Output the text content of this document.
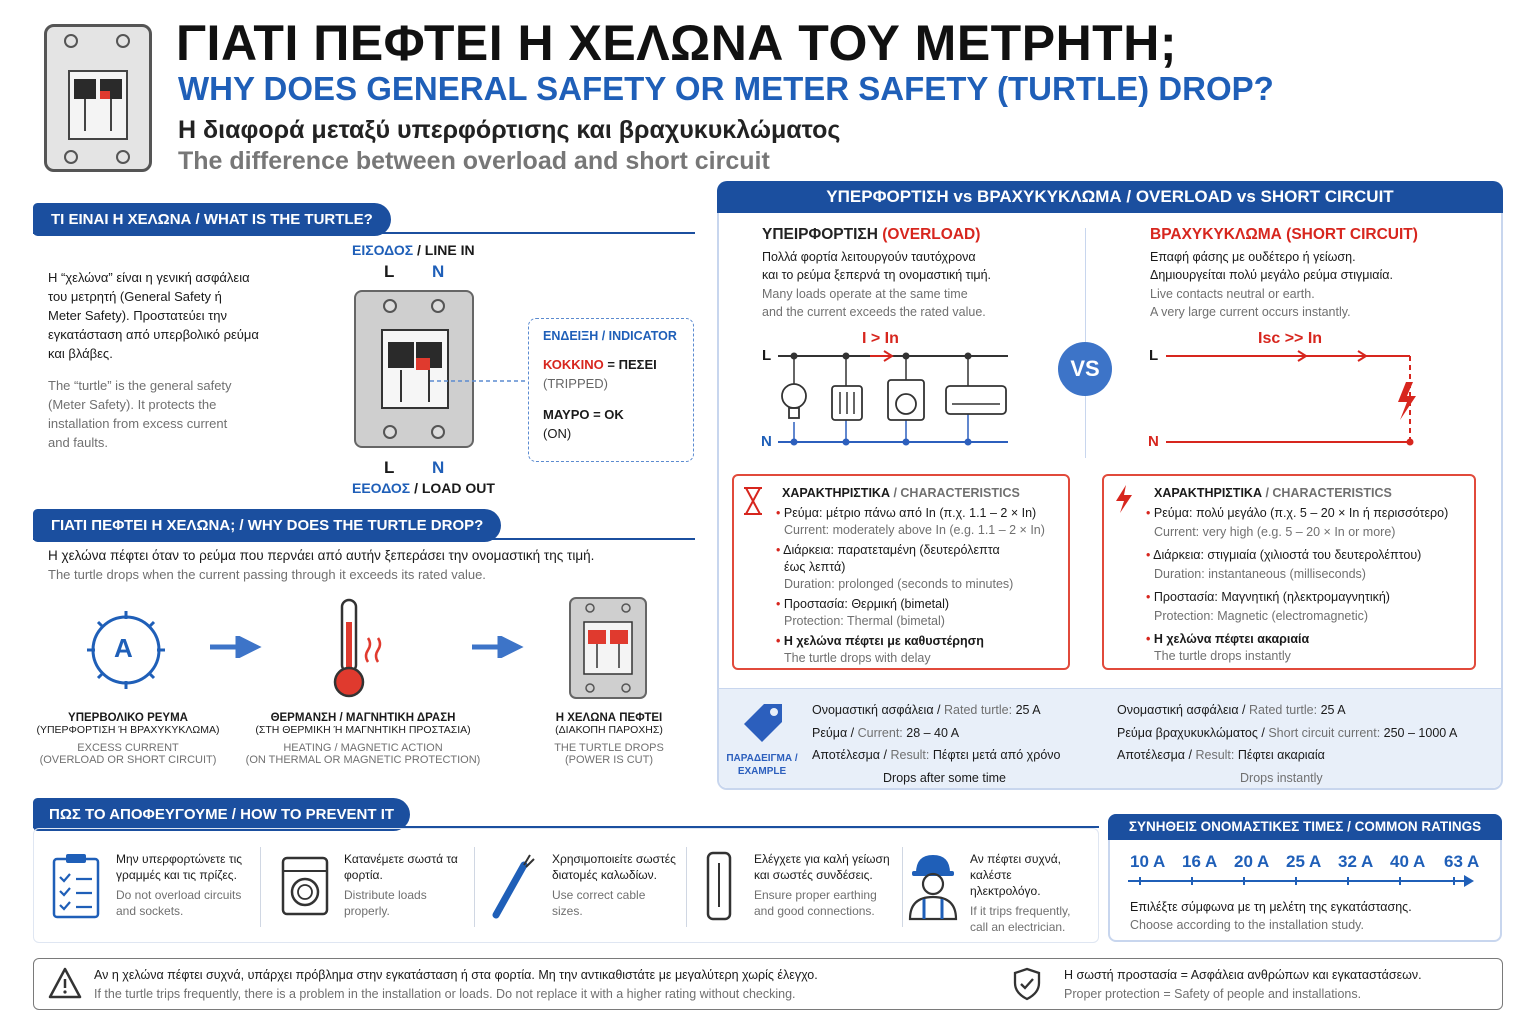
ΓΙΑΤΙ ΠΕΦΤΕΙ Η ΧΕΛΩΝΑ ΤΟΥ ΜΕΤΡΗΤΗ;
WHY DOES GENERAL SAFETY OR METER SAFETY (TURTLE) DROP?
Η διαφορά μεταξύ υπερφόρτισης και βραχυκυκλώματος
The difference between overload and short circuit
ΤΙ ΕΙΝΑΙ Η ΧΕΛΩΝΑ / WHAT IS THE TURTLE?
Η “χελώνα” είναι η γενική ασφάλεια
του μετρητή (General Safety ή
Meter Safety). Προστατεύει την
εγκατάσταση από υπερβολικό ρεύμα
και βλάβες.
The “turtle” is the general safety
(Meter Safety). It protects the
installation from excess current
and faults.
ΕΙΣΟΔΟΣ / LINE IN
L N
L N
ΕΕΟΔΟΣ / LOAD OUT
ΕΝΔΕΙΞΗ / INDICATOR
ΚΟΚΚΙΝΟ = ΠΕΣΕΙ
(TRIPPED)
ΜΑΥΡΟ = ΟΚ
(ON)
ΓΙΑΤΙ ΠΕΦΤΕΙ Η ΧΕΛΩΝΑ; / WHY DOES THE TURTLE DROP?
Η χελώνα πέφτει όταν το ρεύμα που περνάει από αυτήν ξεπεράσει την ονομαστική της τιμή.
The turtle drops when the current passing through it exceeds its rated value.
A
ΥΠΕΡΒΟΛΙΚΟ ΡΕΥΜΑ
(ΥΠΕΡΦΟΡΤΙΣΗ Ή ΒΡΑΧΥΚΥΚΛΩΜΑ)
EXCESS CURRENT
(OVERLOAD OR SHORT CIRCUIT)
ΘΕΡΜΑΝΣΗ / ΜΑΓΝΗΤΙΚΗ ΔΡΑΣΗ
(ΣΤΗ ΘΕΡΜΙΚΗ Ή ΜΑΓΝΗΤΙΚΗ ΠΡΟΣΤΑΣΙΑ)
HEATING / MAGNETIC ACTION
(ON THERMAL OR MAGNETIC PROTECTION)
Η ΧΕΛΩΝΑ ΠΕΦΤΕΙ
(ΔΙΑΚΟΠΗ ΠΑΡΟΧΗΣ)
THE TURTLE DROPS
(POWER IS CUT)
ΥΠΕΡΦΟΡΤΙΣΗ vs ΒΡΑΧΥΚΥΚΛΩΜΑ / OVERLOAD vs SHORT CIRCUIT
ΥΠΕΙΡΦΟΡΤΙΣΗ (OVERLOAD)
Πολλά φορτία λειτουργούν ταυτόχρονα
και το ρεύμα ξεπερνά τη ονομαστική τιμή.
Many loads operate at the same time
and the current exceeds the rated value.
I > In
L
N
VS
ΒΡΑΧΥΚΥΚΛΩΜΑ (SHORT CIRCUIT)
Επαφή φάσης με ουδέτερο ή γείωση.
Δημιουργείται πολύ μεγάλο ρεύμα στιγμιαία.
Live contacts neutral or earth.
A very large current occurs instantly.
Isc >> In
L
N
ΧΑΡΑΚΤΗΡΙΣΤΙΚΑ / CHARACTERISTICS
• Ρεύμα: μέτριο πάνω από In (π.χ. 1.1 – 2 × In)
Current: moderately above In (e.g. 1.1 – 2 × In)
• Διάρκεια: παρατεταμένη (δευτερόλεπτα
έως λεπτά)
Duration: prolonged (seconds to minutes)
• Προστασία: Θερμική (bimetal)
Protection: Thermal (bimetal)
• Η χελώνα πέφτει με καθυστέρηση
The turtle drops with delay
ΧΑΡΑΚΤΗΡΙΣΤΙΚΑ / CHARACTERISTICS
• Ρεύμα: πολύ μεγάλο (π.χ. 5 – 20 × In ή περισσότερο)
Current: very high (e.g. 5 – 20 × In or more)
• Διάρκεια: στιγμιαία (χιλιοστά του δευτερολέπτου)
Duration: instantaneous (milliseconds)
• Προστασία: Μαγνητική (ηλεκτρομαγνητική)
Protection: Magnetic (electromagnetic)
• Η χελώνα πέφτει ακαριαία
The turtle drops instantly
ΠΑΡΑΔΕΙΓΜΑ /
EXAMPLE
Ονομαστική ασφάλεια / Rated turtle: 25 A
Ρεύμα / Current: 28 – 40 A
Αποτέλεσμα / Result: Πέφτει μετά από χρόνο
Drops after some time
Ονομαστική ασφάλεια / Rated turtle: 25 A
Ρεύμα βραχυκυκλώματος / Short circuit current: 250 – 1000 A
Αποτέλεσμα / Result: Πέφτει ακαριαία
Drops instantly
ΠΩΣ ΤΟ ΑΠΟΦΕΥΓΟΥΜΕ / HOW TO PREVENT IT
Μην υπερφορτώνετε τις
γραμμές και τις πρίζες.
Do not overload circuits
and sockets.
Κατανέμετε σωστά τα
φορτία.
Distribute loads
properly.
Χρησιμοποιείτε σωστές
διατομές καλωδίων.
Use correct cable
sizes.
Ελέγχετε για καλή γείωση
και σωστές συνδέσεις.
Ensure proper earthing
and good connections.
Αν πέφτει συχνά, καλέστε
ηλεκτρολόγο.
If it trips frequently,
call an electrician.
ΣΥΝΗΘΕΙΣ ΟΝΟΜΑΣΤΙΚΕΣ ΤΙΜΕΣ / COMMON RATINGS
10 A 16 A 20 A 25 A 32 A 40 A 63 A
Επιλέξτε σύμφωνα με τη μελέτη της εγκατάστασης.
Choose according to the installation study.
Αν η χελώνα πέφτει συχνά, υπάρχει πρόβλημα στην εγκατάσταση ή στα φορτία. Μη την αντικαθιστάτε με μεγαλύτερη χωρίς έλεγχο.
If the turtle trips frequently, there is a problem in the installation or loads. Do not replace it with a higher rating without checking.
Η σωστή προστασία = Ασφάλεια ανθρώπων και εγκαταστάσεων.
Proper protection = Safety of people and installations.
